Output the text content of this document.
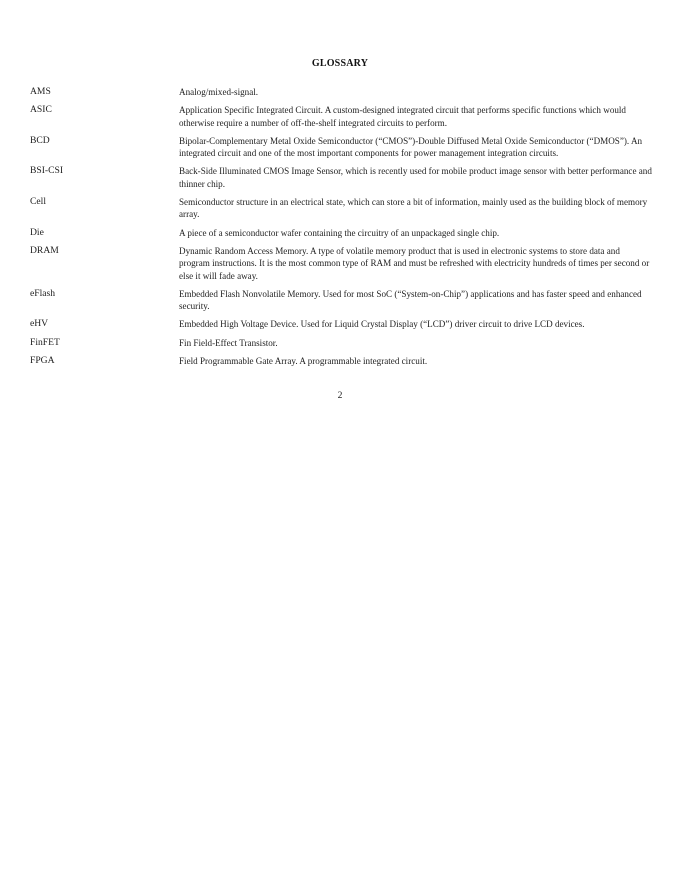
GLOSSARY
AMS	Analog/mixed-signal.
ASIC	Application Specific Integrated Circuit. A custom-designed integrated circuit that performs specific functions which would otherwise require a number of off-the-shelf integrated circuits to perform.
BCD	Bipolar-Complementary Metal Oxide Semiconductor (“CMOS”)-Double Diffused Metal Oxide Semiconductor (“DMOS”). An integrated circuit and one of the most important components for power management integration circuits.
BSI-CSI	Back-Side Illuminated CMOS Image Sensor, which is recently used for mobile product image sensor with better performance and thinner chip.
Cell	Semiconductor structure in an electrical state, which can store a bit of information, mainly used as the building block of memory array.
Die	A piece of a semiconductor wafer containing the circuitry of an unpackaged single chip.
DRAM	Dynamic Random Access Memory. A type of volatile memory product that is used in electronic systems to store data and program instructions. It is the most common type of RAM and must be refreshed with electricity hundreds of times per second or else it will fade away.
eFlash	Embedded Flash Nonvolatile Memory. Used for most SoC (“System-on-Chip”) applications and has faster speed and enhanced security.
eHV	Embedded High Voltage Device. Used for Liquid Crystal Display (“LCD”) driver circuit to drive LCD devices.
FinFET	Fin Field-Effect Transistor.
FPGA	Field Programmable Gate Array. A programmable integrated circuit.
2
